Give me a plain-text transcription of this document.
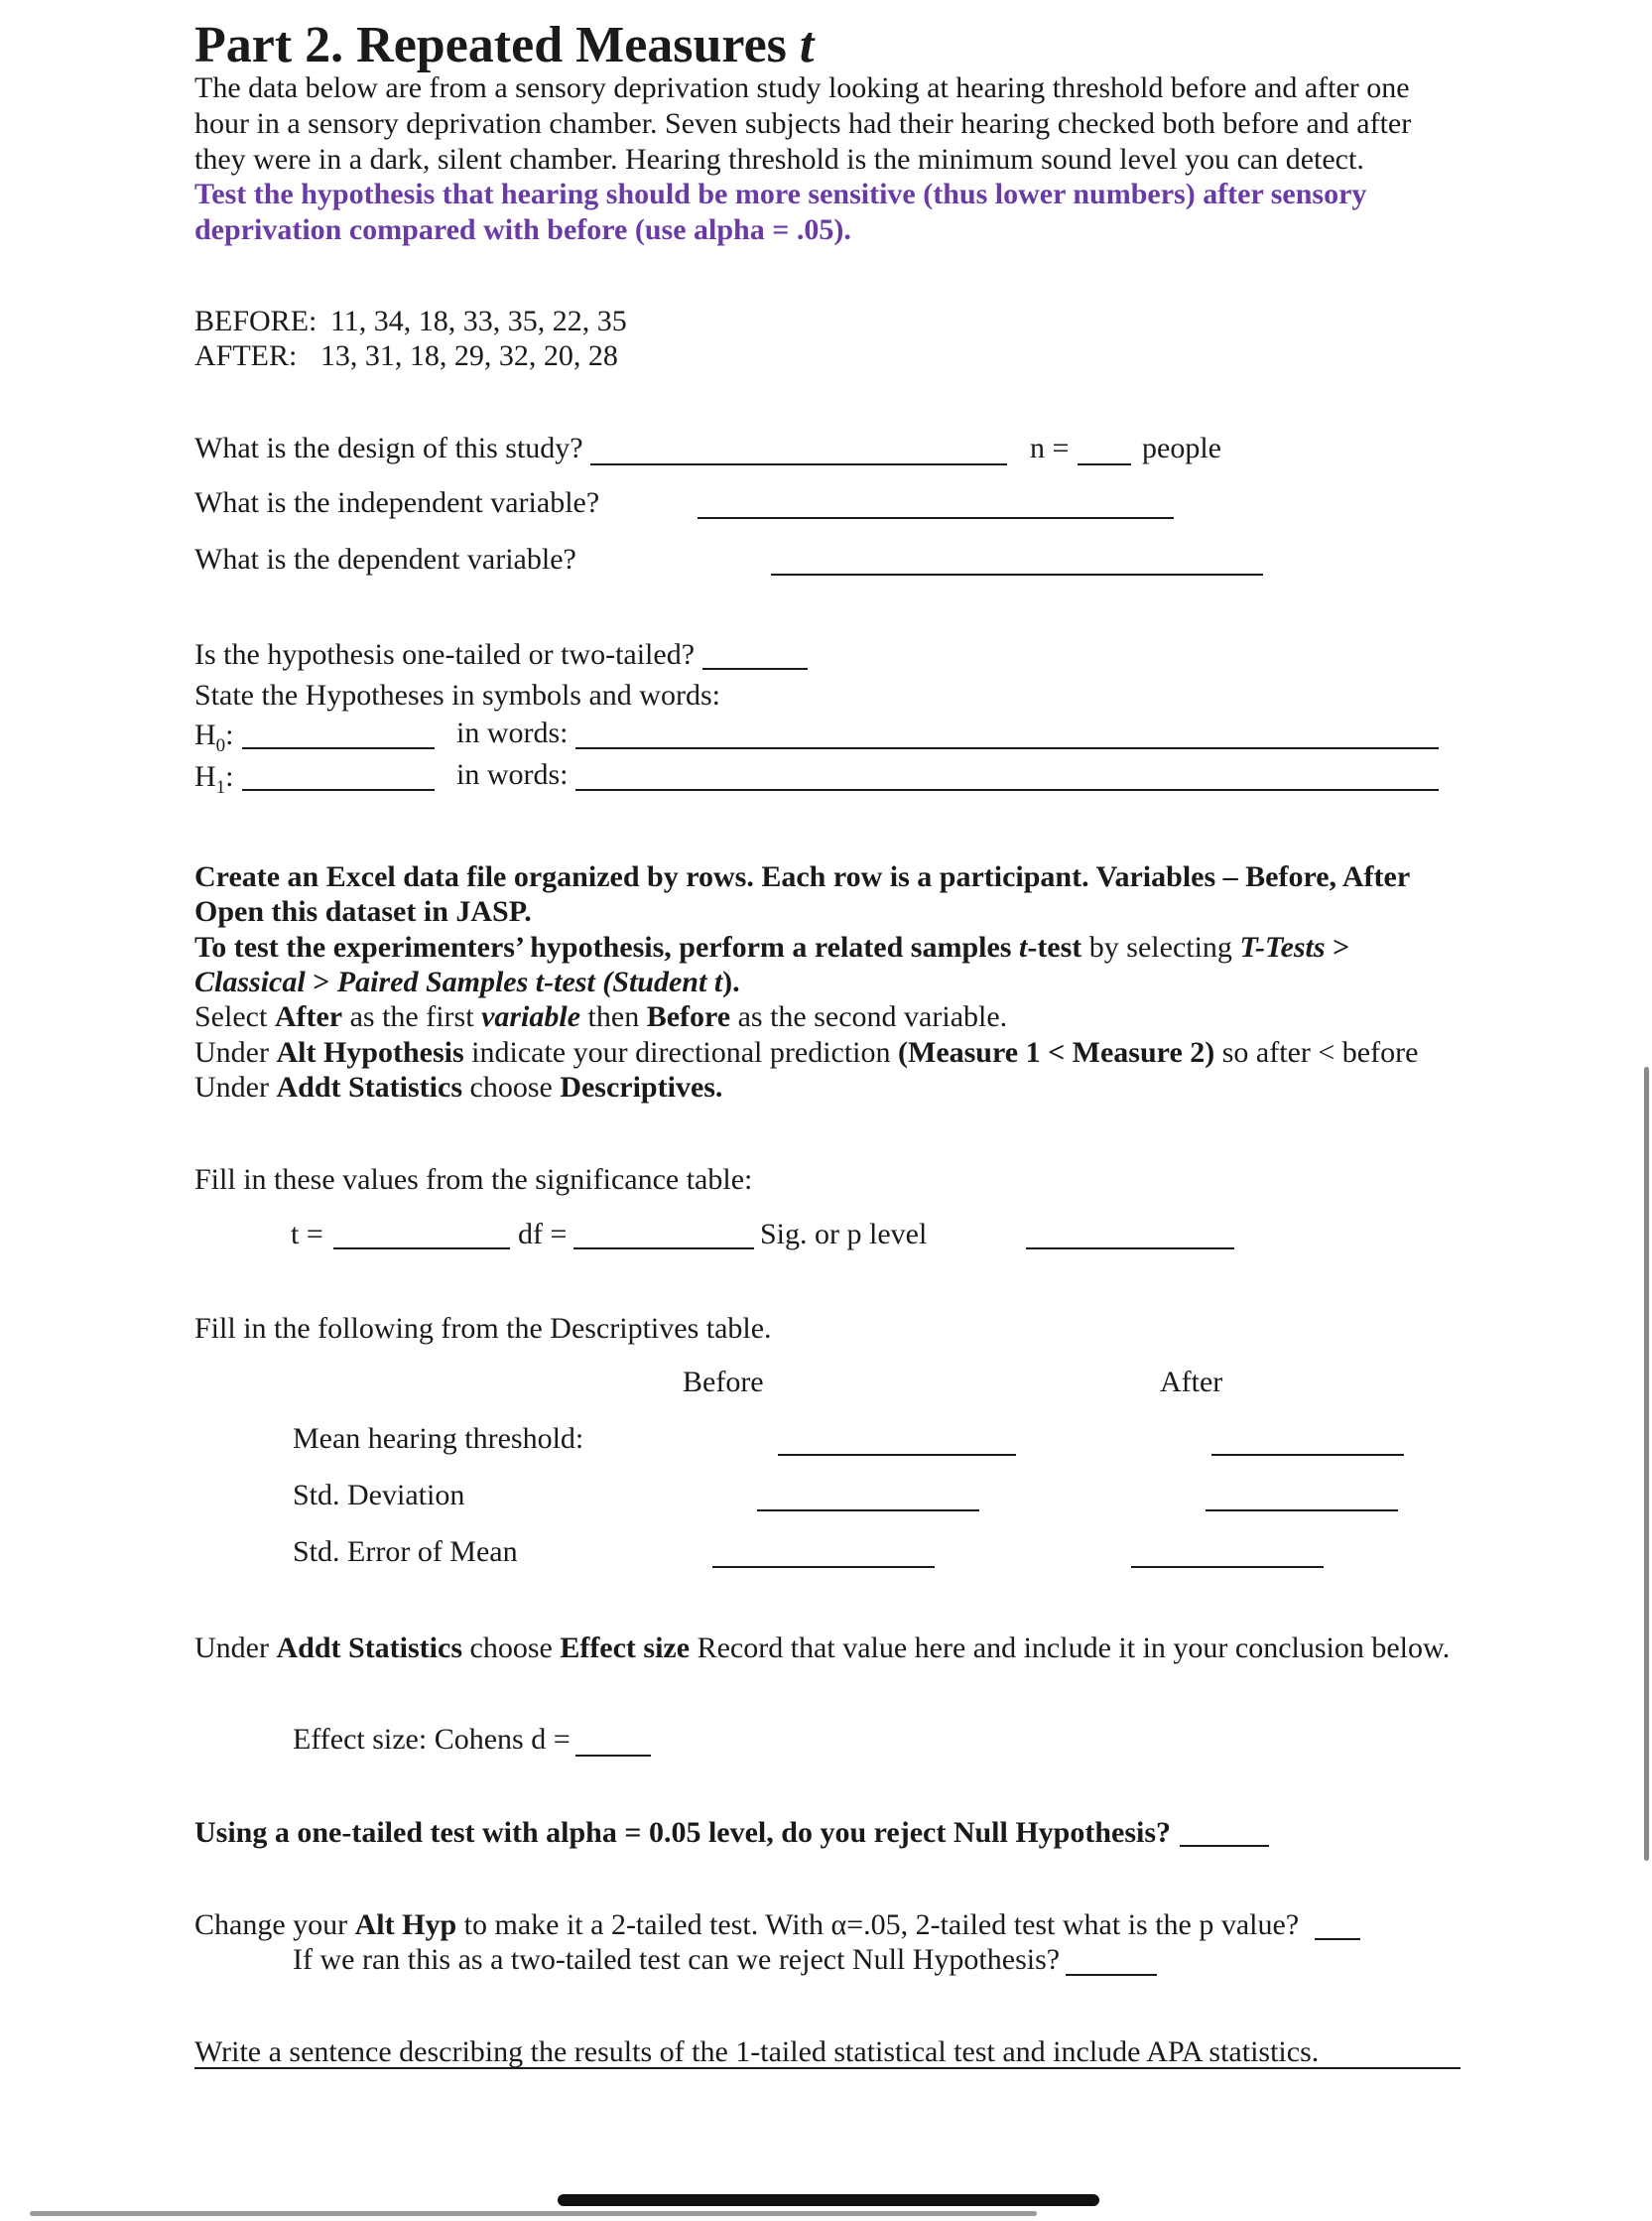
Part 2. Repeated Measures t
The data below are from a sensory deprivation study looking at hearing threshold before and after one
hour in a sensory deprivation chamber. Seven subjects had their hearing checked both before and after
they were in a dark, silent chamber. Hearing threshold is the minimum sound level you can detect.
Test the hypothesis that hearing should be more sensitive (thus lower numbers) after sensory
deprivation compared with before (use alpha = .05).
BEFORE: 11, 34, 18, 33, 35, 22, 35
AFTER: 13, 31, 18, 29, 32, 20, 28
What is the design of this study?	n = people
What is the independent variable?
What is the dependent variable?
Is the hypothesis one-tailed or two-tailed?
State the Hypotheses in symbols and words:
$H_0$:	in words:
$H_1$:	in words:
Create an Excel data file organized by rows. Each row is a participant. Variables – Before, After
Open this dataset in JASP.
To test the experimenters’ hypothesis, perform a related samples t-test by selecting T-Tests >
Classical > Paired Samples t-test (Student t).
Select After as the first variable then Before as the second variable.
Under Alt Hypothesis indicate your directional prediction (Measure 1 < Measure 2) so after < before
Under Addt Statistics choose Descriptives.
Fill in these values from the significance table:
t =	df =	Sig. or p level
Fill in the following from the Descriptives table.
Before	After
Mean hearing threshold:
Std. Deviation
Std. Error of Mean
Under Addt Statistics choose Effect size Record that value here and include it in your conclusion below.
Effect size: Cohens d =
Using a one-tailed test with alpha = 0.05 level, do you reject Null Hypothesis?
Change your Alt Hyp to make it a 2-tailed test. With α=.05, 2-tailed test what is the p value?
If we ran this as a two-tailed test can we reject Null Hypothesis?
Write a sentence describing the results of the 1-tailed statistical test and include APA statistics.
